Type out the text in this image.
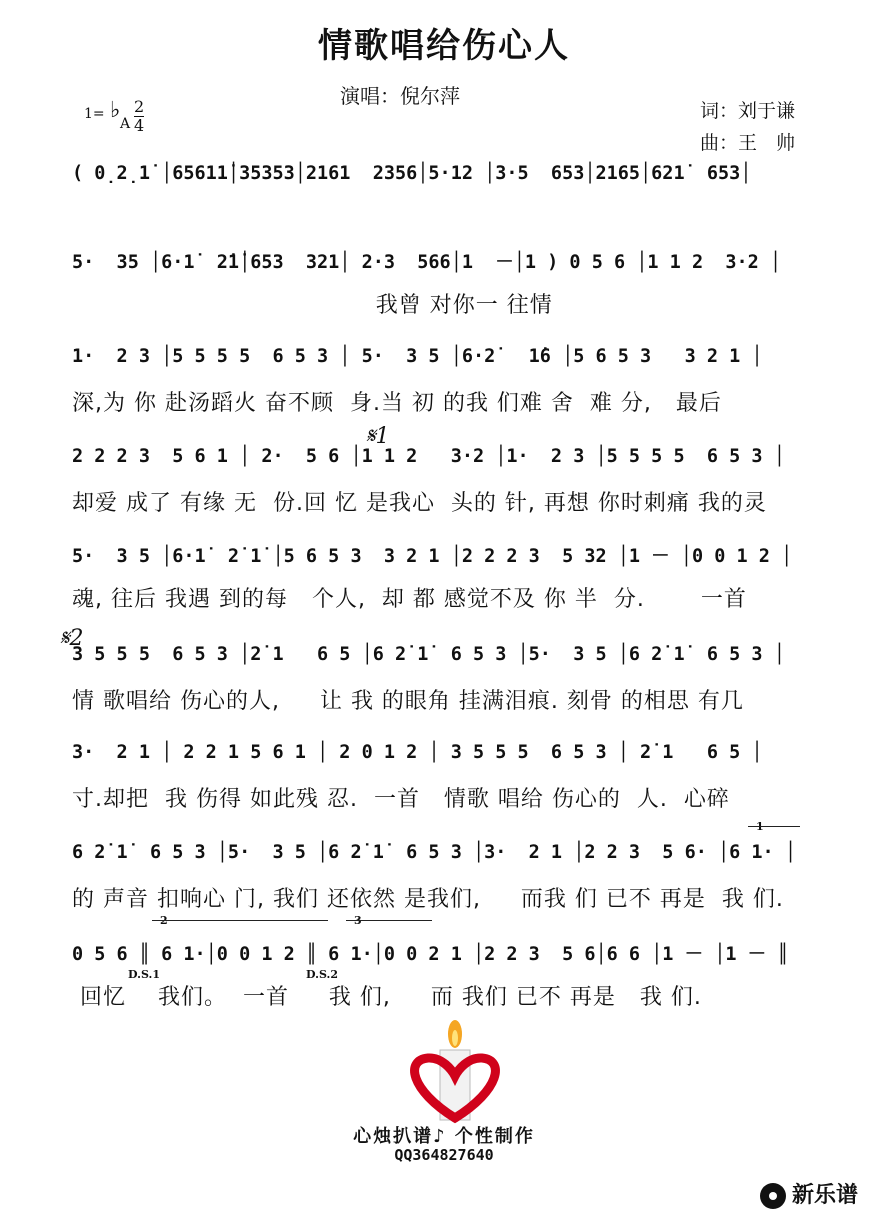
情歌唱给伤心人
演唱：倪尔萍
词：刘于谦
曲：王　帅
1= ♭
A $\frac{2}{4}$
( 0̣2̣1̇ │65611̇│35353│2161  2356│5·12 │3·5  653│2165│621̇  653│
5·  35 │6·1̇  2̇1̇│653  321│ 2·3  566│1  －│1 ) 0 5 6 │1 1 2  3·2 │
我曾 对你一 往情
1·  2 3 │5 5 5 5  6 5 3 │ 5·  3 5 │6·2̇   1̇6 │5 6 5 3   3 2 1 │
深,为 你 赴汤蹈火 奋不顾  身.当 初 的我 们难 舍  难 分,   最后
2 2 2 3  5 6 1 │ 2·  5 6 │1 1 2   3·2 │1·  2 3 │5 5 5 5  6 5 3 │
却爱 成了 有缘 无  份.回 忆 是我心  头的 针, 再想 你时刺痛 我的灵
5·  3 5 │6·1̇  2̇ 1̇ │5 6 5 3  3 2 1 │2 2 2 3  5 32 │1 － │0 0 1 2 │
魂, 往后 我遇 到的每   个人,  却 都 感觉不及 你 半  分.       一首
3 5 5 5  6 5 3 │2̇ 1   6 5 │6 2̇ 1̇  6 5 3 │5·  3 5 │6 2̇ 1̇  6 5 3 │
情 歌唱给 伤心的人,     让 我 的眼角 挂满泪痕. 刻骨 的相思 有几
3·  2 1 │ 2 2 1 5 6 1 │ 2 0 1 2 │ 3 5 5 5  6 5 3 │ 2̇ 1   6 5 │
寸.却把  我 伤得 如此残 忍.  一首   情歌 唱给 伤心的  人.  心碎
6 2̇ 1̇  6 5 3 │5·  3 5 │6 2̇ 1̇  6 5 3 │3·  2 1 │2 2 3  5 6· │6 1· │
的 声音 扣响心 门, 我们 还依然 是我们,     而我 们 已不 再是  我 们.
0 5 6 ║ 6 1·│0 0 1 2 ║ 6 1·│0 0 2 1 │2 2 3  5 6│6 6 │1 － │1 － ║
回忆    我们。  一首     我 们,     而 我们 已不 再是   我 们.
𝄋1
𝄋2
D.S.1	D.S.2
心烛扒谱♪ 个性制作
QQ364827640
新乐谱
